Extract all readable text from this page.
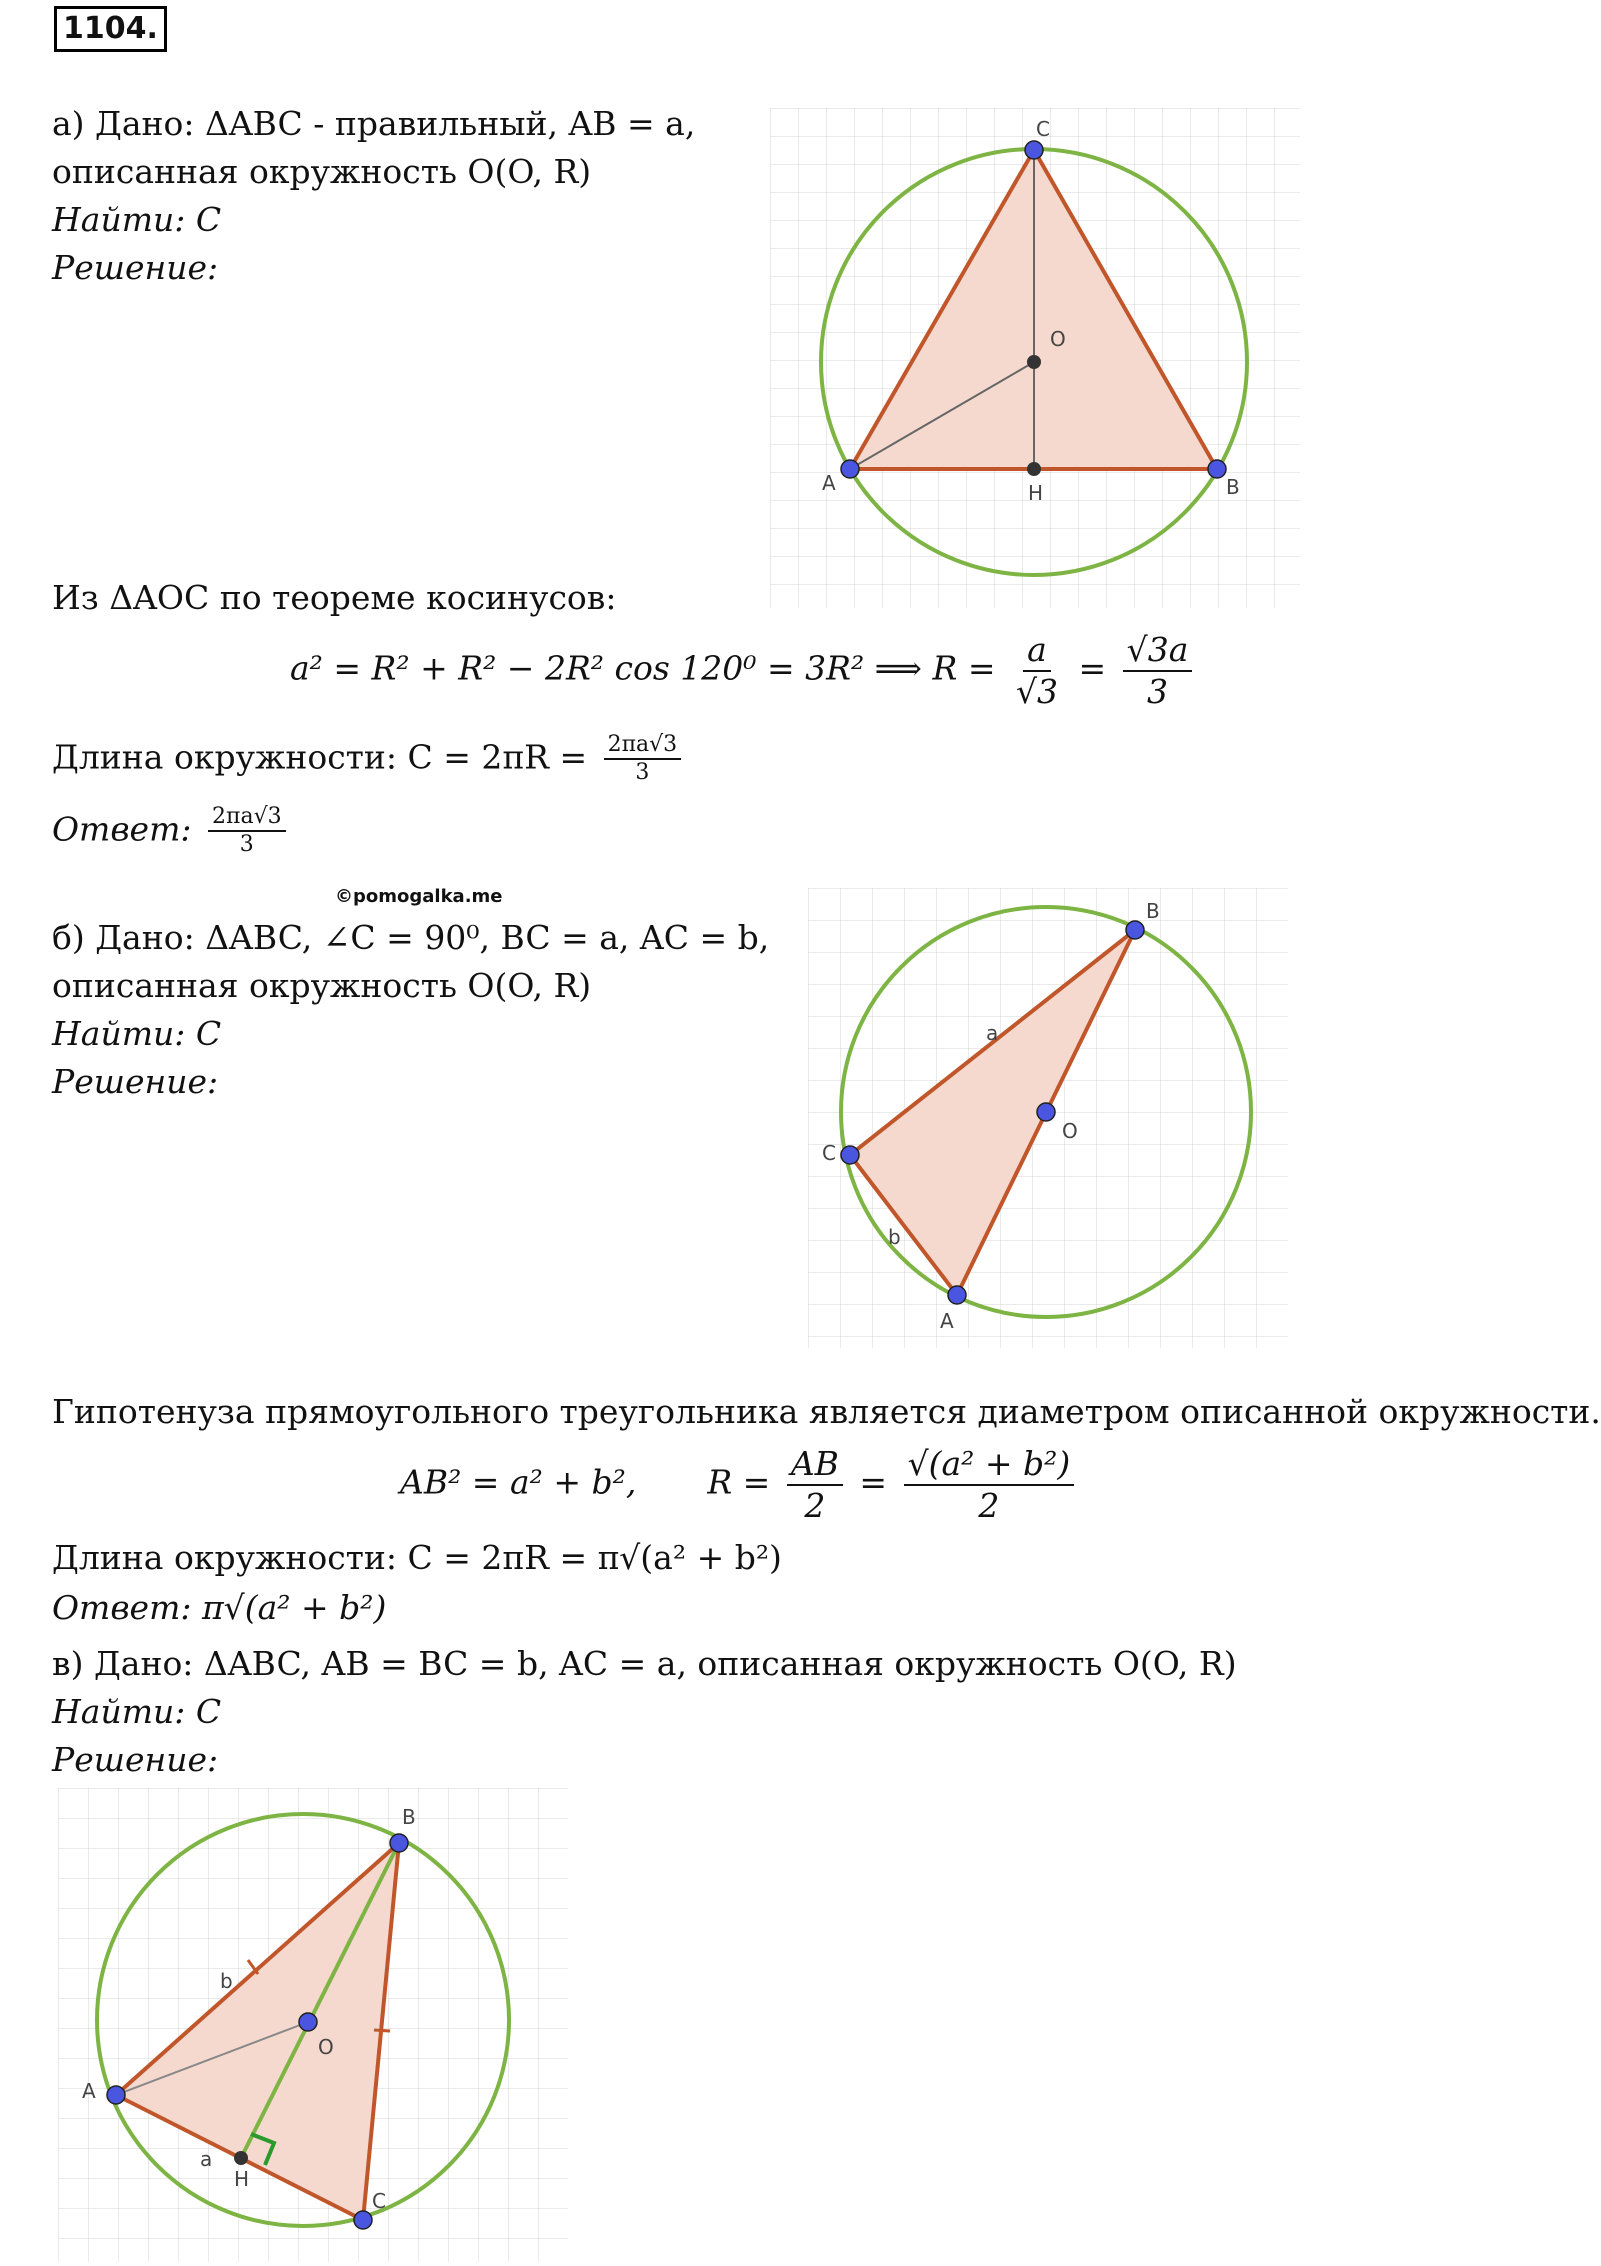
1104.
а) Дано: ΔABC - правильный, AB = a,
описанная окружность O(O, R)
Найти: C
Решение:
A	B
C
O
H
Из ΔAOC по теореме косинусов:
a² = R² + R² − 2R² cos 120⁰ = 3R² ⟹ $R = \frac{a}{√3} = \frac{√3a}{3}$
Длина окружности: $C = 2\pi R = \frac{2\pi a√3}{3}$
Ответ: $\frac{2\pi a√3}{3}$
©pomogalka.me
б) Дано: ΔABC, ∠C = 90⁰, BC = a, AC = b,
описанная окружность O(O, R)
Найти: C
Решение:
A
B
C
O
a
b
Гипотенуза прямоугольного треугольника является диаметром описанной окружности.
AB² = a² + b², $R = \frac{AB}{2} = \frac{\text{√(a² + b²)}}{2}$
Длина окружности: C = 2πR = π√(a² + b²)
Ответ: π√(a² + b²)
в) Дано: ΔABC, AB = BC = b, AC = a, описанная окружность O(O, R)
Найти: C
Решение:
A
B
C
O
H
a
b
